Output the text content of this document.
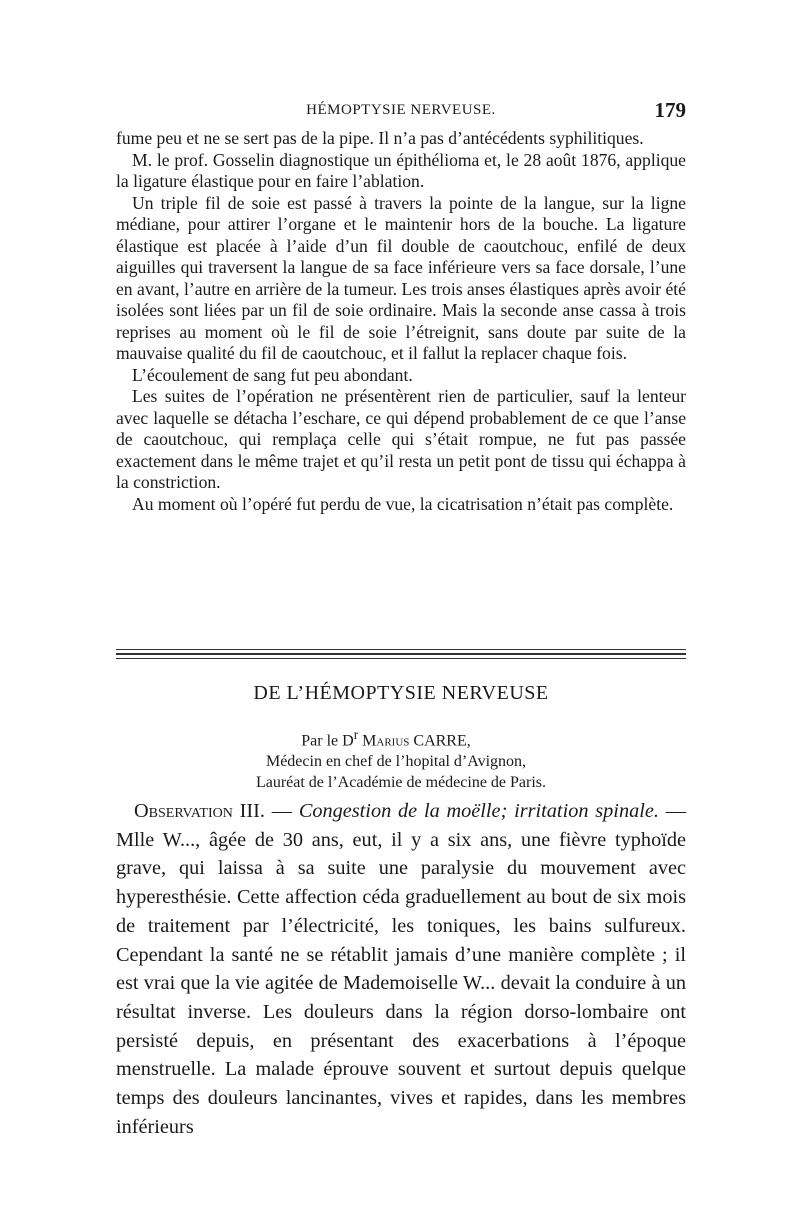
HÉMOPTYSIE NERVEUSE.	179

fume peu et ne se sert pas de la pipe. Il n’a pas d’antécédents syphilitiques.

M. le prof. Gosselin diagnostique un épithélioma et, le 28 août 1876, applique la ligature élastique pour en faire l’ablation.

Un triple fil de soie est passé à travers la pointe de la langue, sur la ligne médiane, pour attirer l’organe et le maintenir hors de la bouche. La ligature élastique est placée à l’aide d’un fil double de caoutchouc, enfilé de deux aiguilles qui traversent la langue de sa face inférieure vers sa face dorsale, l’une en avant, l’autre en arrière de la tumeur. Les trois anses élastiques après avoir été isolées sont liées par un fil de soie ordinaire. Mais la seconde anse cassa à trois reprises au moment où le fil de soie l’étreignit, sans doute par suite de la mauvaise qualité du fil de caoutchouc, et il fallut la replacer chaque fois.

L’écoulement de sang fut peu abondant.

Les suites de l’opération ne présentèrent rien de particulier, sauf la lenteur avec laquelle se détacha l’eschare, ce qui dépend probablement de ce que l’anse de caoutchouc, qui remplaça celle qui s’était rompue, ne fut pas passée exactement dans le même trajet et qu’il resta un petit pont de tissu qui échappa à la constriction.

Au moment où l’opéré fut perdu de vue, la cicatrisation n’était pas complète.

DE L’HÉMOPTYSIE NERVEUSE

Par le $D^r$ Marius CARRE,

Médecin en chef de l’hopital d’Avignon,

Lauréat de l’Académie de médecine de Paris.

Observation III. — Congestion de la moëlle; irritation spinale. — Mlle W..., âgée de 30 ans, eut, il y a six ans, une fièvre typhoïde grave, qui laissa à sa suite une paralysie du mouvement avec hyperesthésie. Cette affection céda graduellement au bout de six mois de traitement par l’électricité, les toniques, les bains sulfureux. Cependant la santé ne se rétablit jamais d’une manière complète ; il est vrai que la vie agitée de Mademoiselle W... devait la conduire à un résultat inverse. Les douleurs dans la région dorso-lombaire ont persisté depuis, en présentant des exacerbations à l’époque menstruelle. La malade éprouve souvent et surtout depuis quelque temps des douleurs lancinantes, vives et rapides, dans les membres inférieurs
